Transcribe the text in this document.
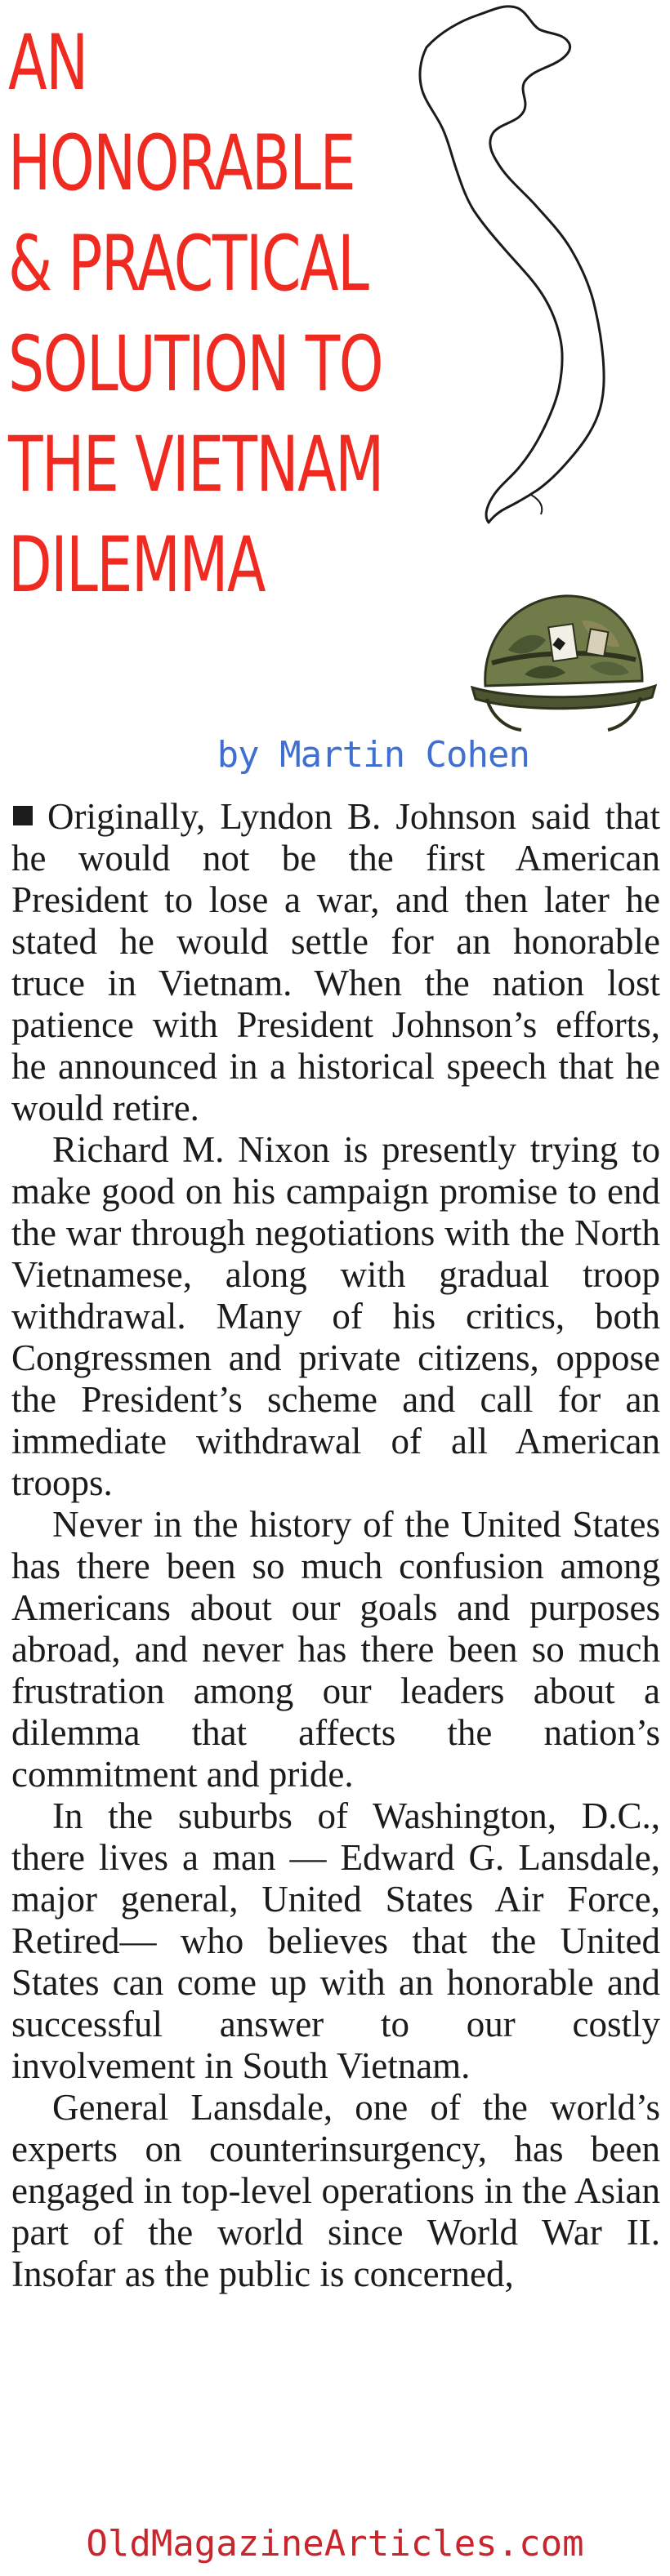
AN
HONORABLE
& PRACTICAL
SOLUTION TO
THE VIETNAM
DILEMMA
by Martin Cohen

Originally, Lyndon B. Johnson said that he would not be the first American President to lose a war, and then later he stated he would settle for an honorable truce in Vietnam. When the nation lost patience with President Johnson’s efforts, he announced in a historical speech that he would retire.

Richard M. Nixon is presently trying to make good on his campaign promise to end the war through negotiations with the North Vietnamese, along with gradual troop withdrawal. Many of his critics, both Congressmen and private citizens, oppose the President’s scheme and call for an immediate withdrawal of all American troops.

Never in the history of the United States has there been so much confusion among Americans about our goals and purposes abroad, and never has there been so much frustration among our leaders about a dilemma that affects the nation’s commitment and pride.

In the suburbs of Washington, D.C., there lives a man — Edward G. Lansdale, major general, United States Air Force, Retired— who believes that the United States can come up with an honorable and successful answer to our costly involvement in South Vietnam.

General Lansdale, one of the world’s experts on counterinsurgency, has been engaged in top-level operations in the Asian part of the world since World War II. Insofar as the public is concerned,

OldMagazineArticles.com
